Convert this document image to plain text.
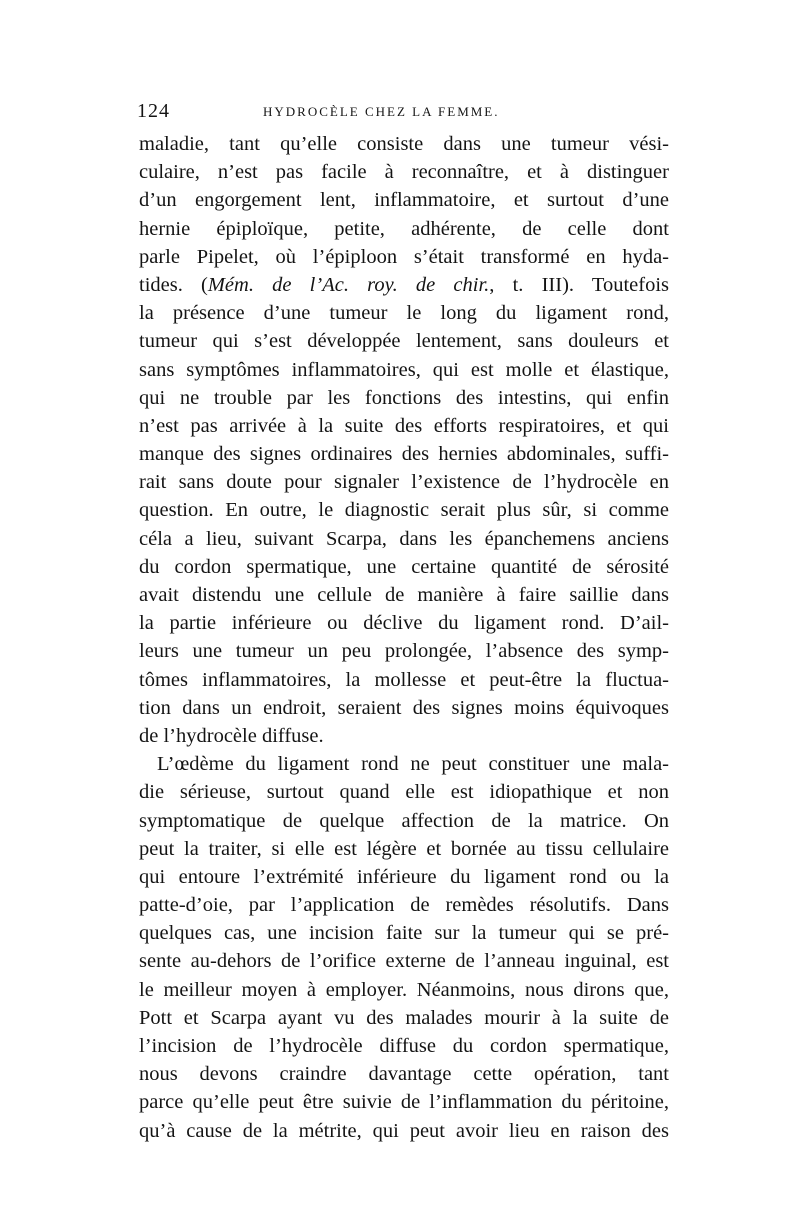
124	HYDROCÈLE CHEZ LA FEMME.
maladie, tant qu’elle consiste dans une tumeur vési-
culaire, n’est pas facile à reconnaître, et à distinguer
d’un engorgement lent, inflammatoire, et surtout d’une
hernie épiploïque, petite, adhérente, de celle dont
parle Pipelet, où l’épiploon s’était transformé en hyda-
tides. (Mém. de l’Ac. roy. de chir., t. III). Toutefois
la présence d’une tumeur le long du ligament rond,
tumeur qui s’est développée lentement, sans douleurs et
sans symptômes inflammatoires, qui est molle et élastique,
qui ne trouble par les fonctions des intestins, qui enfin
n’est pas arrivée à la suite des efforts respiratoires, et qui
manque des signes ordinaires des hernies abdominales, suffi-
rait sans doute pour signaler l’existence de l’hydrocèle en
question. En outre, le diagnostic serait plus sûr, si comme
céla a lieu, suivant Scarpa, dans les épanchemens anciens
du cordon spermatique, une certaine quantité de sérosité
avait distendu une cellule de manière à faire saillie dans
la partie inférieure ou déclive du ligament rond. D’ail-
leurs une tumeur un peu prolongée, l’absence des symp-
tômes inflammatoires, la mollesse et peut-être la fluctua-
tion dans un endroit, seraient des signes moins équivoques
de l’hydrocèle diffuse.
L’œdème du ligament rond ne peut constituer une mala-
die sérieuse, surtout quand elle est idiopathique et non
symptomatique de quelque affection de la matrice. On
peut la traiter, si elle est légère et bornée au tissu cellulaire
qui entoure l’extrémité inférieure du ligament rond ou la
patte-d’oie, par l’application de remèdes résolutifs. Dans
quelques cas, une incision faite sur la tumeur qui se pré-
sente au-dehors de l’orifice externe de l’anneau inguinal, est
le meilleur moyen à employer. Néanmoins, nous dirons que,
Pott et Scarpa ayant vu des malades mourir à la suite de
l’incision de l’hydrocèle diffuse du cordon spermatique,
nous devons craindre davantage cette opération, tant
parce qu’elle peut être suivie de l’inflammation du péritoine,
qu’à cause de la métrite, qui peut avoir lieu en raison des
